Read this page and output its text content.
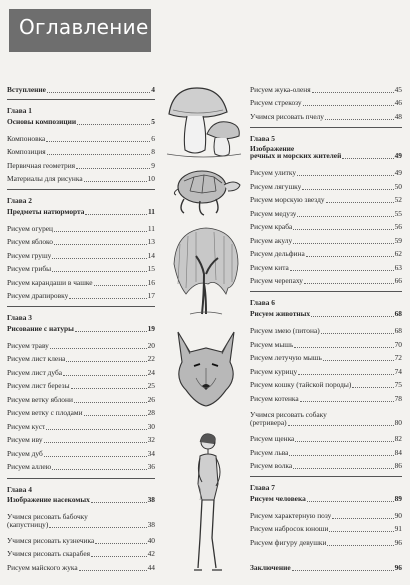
Оглавление
Вступление	4
Глава 1
Основы композиции	5
Компоновка	6
Композиция	8
Первичная геометрия	9
Материалы для рисунка	10
Глава 2
Предметы натюрморта	11
Рисуем огурец	11
Рисуем яблоко	13
Рисуем грушу	14
Рисуем грибы	15
Рисуем карандаши в чашке	16
Рисуем драпировку	17
Глава 3
Рисование с натуры	19
Рисуем траву	20
Рисуем лист клена	22
Рисуем лист дуба	24
Рисуем лист березы	25
Рисуем ветку яблони	26
Рисуем ветку с плодами	28
Рисуем куст	30
Рисуем иву	32
Рисуем дуб	34
Рисуем аллею	36
Глава 4
Изображение насекомых	38
Учимся рисовать бабочку
(капустницу)	38
Учимся рисовать кузнечика	40
Учимся рисовать скарабея	42
Рисуем майского жука	44
Рисуем жука-оленя	45
Рисуем стрекозу	46
Учимся рисовать пчелу	48
Глава 5
Изображение
речных и морских жителей	49
Рисуем улитку	49
Рисуем лягушку	50
Рисуем морскую звезду	52
Рисуем медузу	55
Рисуем краба	56
Рисуем акулу	59
Рисуем дельфина	62
Рисуем кита	63
Рисуем черепаху	66
Глава 6
Рисуем животных	68
Рисуем змею (питона)	68
Рисуем мышь	70
Рисуем летучую мышь	72
Рисуем курицу	74
Рисуем кошку (тайской породы)	75
Рисуем котенка	78
Учимся рисовать собаку
(ретривера)	80
Рисуем щенка	82
Рисуем льва	84
Рисуем волка	86
Глава 7
Рисуем человека	89
Рисуем характерную позу	90
Рисуем набросок юноши	91
Рисуем фигуру девушки	96
Заключение	96
